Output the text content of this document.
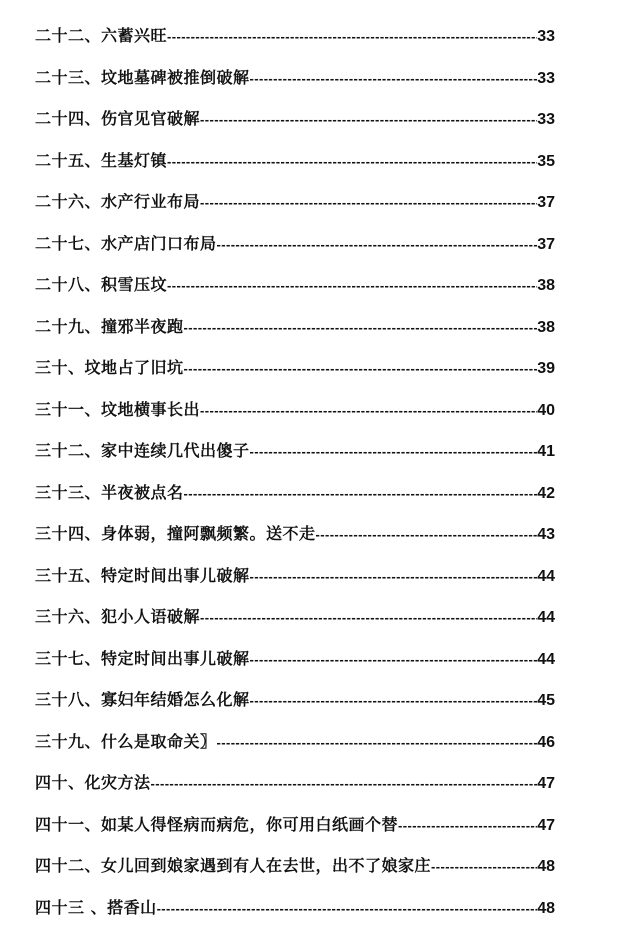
二十二、六蓄兴旺 -----	33
二十三、坟地墓碑被推倒破解 -----	33
二十四、伤官见官破解 -----	33
二十五、生基灯镇 -----	35
二十六、水产行业布局 -----	37
二十七、水产店门口布局 -----	37
二十八、积雪压坟 -----	38
二十九、撞邪半夜跑 -----	38
三十、坟地占了旧坑 -----	39
三十一、坟地横事长出 -----	40
三十二、家中连续几代出傻子 -----	41
三十三、半夜被点名 -----	42
三十四、身体弱，撞阿飘频繁。送不走 -----	43
三十五、特定时间出事儿破解 -----	44
三十六、犯小人语破解 -----	44
三十七、特定时间出事儿破解 -----	44
三十八、寡妇年结婚怎么化解 -----	45
三十九、什么是取命关〗 -----	46
四十、化灾方法 -----	47
四十一、如某人得怪病而病危，你可用白纸画个替 -----	47
四十二、女儿回到娘家遇到有人在去世，出不了娘家庄 -----	48
四十三 、搭香山 -----	48
